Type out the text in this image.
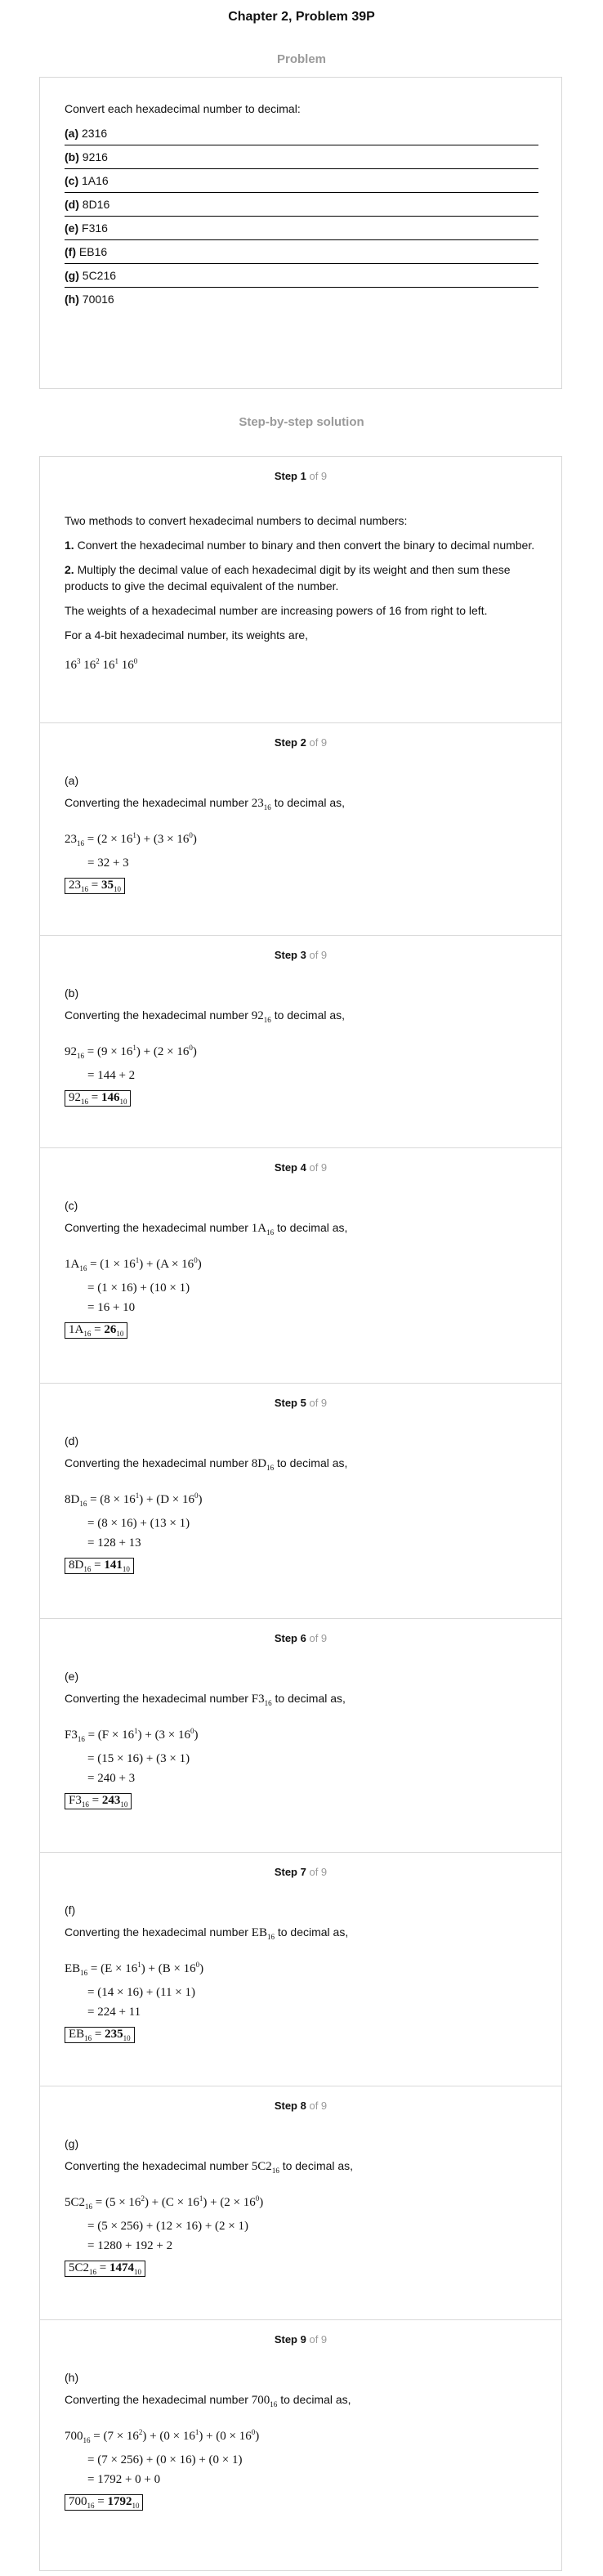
Chapter 2, Problem 39P
Problem
Convert each hexadecimal number to decimal:
(a) 2316
(b) 9216
(c) 1A16
(d) 8D16
(e) F316
(f) EB16
(g) 5C216
(h) 70016
Step-by-step solution
Step 1 of 9

Two methods to convert hexadecimal numbers to decimal numbers:

1. Convert the hexadecimal number to binary and then convert the binary to decimal number.

2. Multiply the decimal value of each hexadecimal digit by its weight and then sum these products to give the decimal equivalent of the number.

The weights of a hexadecimal number are increasing powers of 16 from right to left.

For a 4-bit hexadecimal number, its weights are,

$16^3$ $16^2$ $16^1$ $16^0$
Step 2 of 9
(a)

Converting the hexadecimal number $23_{16}$ to decimal as,

$23_{16} = (2 \times 16^1) + (3 \times 16^0)$
= 32 + 3
$23_{16} = 35_{10}$
Step 3 of 9
(b)

Converting the hexadecimal number $92_{16}$ to decimal as,

$92_{16} = (9 \times 16^1) + (2 \times 16^0)$
= 144 + 2
$92_{16} = 146_{10}$
Step 4 of 9
(c)

Converting the hexadecimal number $1A_{16}$ to decimal as,

$1A_{16} = (1 \times 16^1) + (A \times 16^0)$
= (1 × 16) + (10 × 1)
= 16 + 10
$1A_{16} = 26_{10}$
Step 5 of 9
(d)

Converting the hexadecimal number $8D_{16}$ to decimal as,

$8D_{16} = (8 \times 16^1) + (D \times 16^0)$
= (8 × 16) + (13 × 1)
= 128 + 13
$8D_{16} = 141_{10}$
Step 6 of 9
(e)

Converting the hexadecimal number $F3_{16}$ to decimal as,

$F3_{16} = (F \times 16^1) + (3 \times 16^0)$
= (15 × 16) + (3 × 1)
= 240 + 3
$F3_{16} = 243_{10}$
Step 7 of 9
(f)

Converting the hexadecimal number $EB_{16}$ to decimal as,

$EB_{16} = (E \times 16^1) + (B \times 16^0)$
= (14 × 16) + (11 × 1)
= 224 + 11
$EB_{16} = 235_{10}$
Step 8 of 9
(g)

Converting the hexadecimal number $5C2_{16}$ to decimal as,

$5C2_{16} = (5 \times 16^2) + (C \times 16^1) + (2 \times 16^0)$
= (5 × 256) + (12 × 16) + (2 × 1)
= 1280 + 192 + 2
$5C2_{16} = 1474_{10}$
Step 9 of 9
(h)

Converting the hexadecimal number $700_{16}$ to decimal as,

$700_{16} = (7 \times 16^2) + (0 \times 16^1) + (0 \times 16^0)$
= (7 × 256) + (0 × 16) + (0 × 1)
= 1792 + 0 + 0
$700_{16} = 1792_{10}$
